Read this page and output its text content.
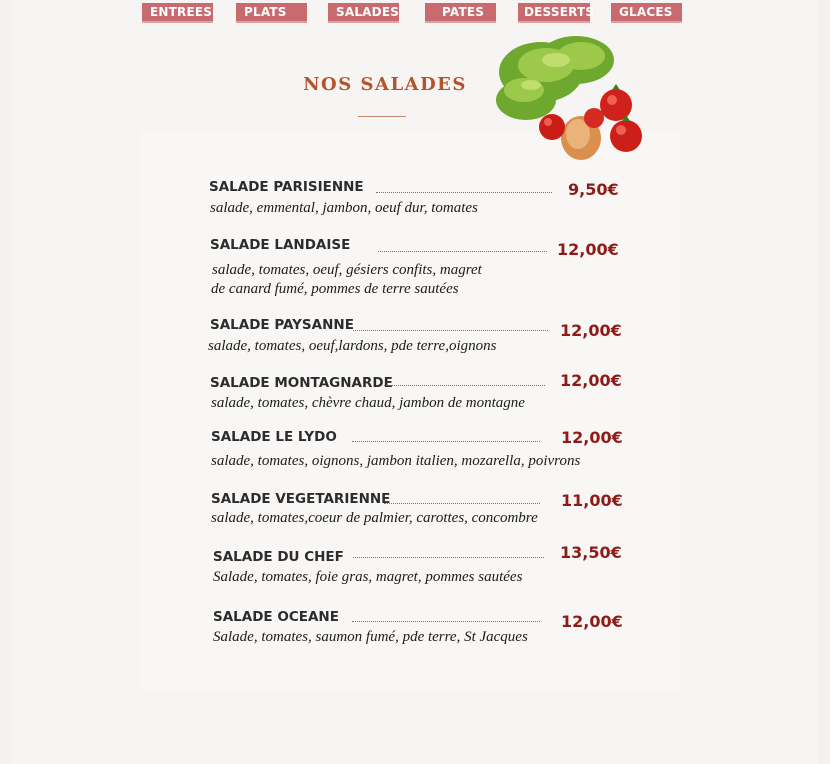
ENTREES	PLATS	SALADES	PATES	DESSERTS	GLACES
NOS SALADES
SALADE PARISIENNE	9,50€
salade, emmental, jambon, oeuf dur, tomates
SALADE LANDAISE	12,00€
salade, tomates, oeuf, gésiers confits, magret
de canard fumé, pommes de terre sautées
SALADE PAYSANNE	12,00€
salade, tomates, oeuf,lardons, pde terre,oignons
SALADE MONTAGNARDE	12,00€
salade, tomates, chèvre chaud, jambon de montagne
SALADE LE LYDO	12,00€
salade, tomates, oignons, jambon italien, mozarella, poivrons
SALADE VEGETARIENNE	11,00€
salade, tomates,coeur de palmier, carottes, concombre
SALADE DU CHEF	13,50€
Salade, tomates, foie gras, magret, pommes sautées
SALADE OCEANE	12,00€
Salade, tomates, saumon fumé, pde terre, St Jacques
